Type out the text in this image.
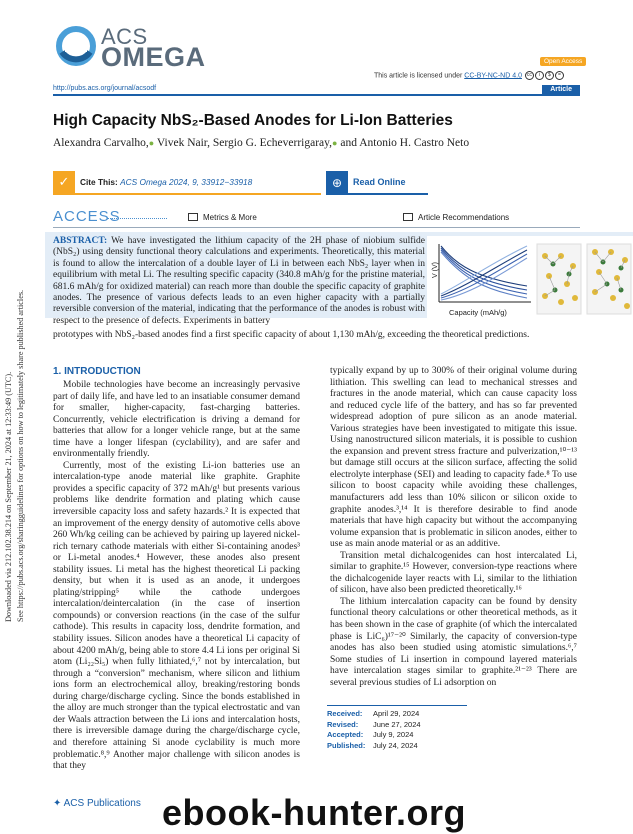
Downloaded via 212.102.38.214 on September 21, 2024 at 12:33:49 (UTC). See https://pubs.acs.org/sharingguidelines for options on how to legitimately share published articles.
ACS
OMEGA	Open Access
This article is licensed under CC-BY-NC-ND 4.0 cc i $ =
http://pubs.acs.org/journal/acsodf	Article
High Capacity NbS₂-Based Anodes for Li-Ion Batteries
Alexandra Carvalho,● Vivek Nair, Sergio G. Echeverrigaray,● and Antonio H. Castro Neto
✓	Cite This: ACS Omega 2024, 9, 33912−33918	⊕	Read Online
ACCESS	Metrics & More	Article Recommendations
ABSTRACT: We have investigated the lithium capacity of the 2H phase of niobium sulfide (NbS₂) using density functional theory calculations and experiments. Theoretically, this material is found to allow the intercalation of a double layer of Li in between each NbS₂ layer when in equilibrium with metal Li. The resulting specific capacity (340.8 mAh/g for the pristine material, 681.6 mAh/g for oxidized material) can reach more than double the specific capacity of graphite anodes. The presence of various defects leads to an even higher capacity with a partially reversible conversion of the material, indicating that the performance of the anodes is robust with respect to the presence of defects. Experiments in battery
prototypes with NbS₂-based anodes find a first specific capacity of about 1,130 mAh/g, exceeding the theoretical predictions.
V (V)
Capacity (mAh/g)
1. INTRODUCTION

Mobile technologies have become an increasingly pervasive part of daily life, and have led to an insatiable consumer demand for smaller, higher-capacity, fast-charging batteries. Concurrently, vehicle electrification is driving a demand for batteries that allow for a longer vehicle range, but at the same time have a longer lifespan (cyclability), and are safer and environmentally friendly.

Currently, most of the existing Li-ion batteries use an intercalation-type anode material like graphite. Graphite provides a specific capacity of 372 mAh/g¹ but presents various problems like dendrite formation and plating which cause irreversible capacity loss and safety hazards.² It is expected that an improvement of the energy density of automotive cells above 260 Wh/kg ceiling can be achieved by pairing up layered nickel-rich ternary cathode materials with either Si-containing anodes³ or Li-metal anodes.⁴ However, these anodes also present stability issues. Li metal has the highest theoretical Li packing density, but when it is used as an anode, it undergoes plating/stripping⁵ while the cathode undergoes intercalation/deintercalation (in the case of insertion compounds) or conversion reactions (in the case of the sulfur cathode). This results in capacity loss, dendrite formation, and stability issues. Silicon anodes have a theoretical Li capacity of about 4200 mAh/g, being able to store 4.4 Li ions per original Si atom (Li₂₂Si₅) when fully lithiated,⁶,⁷ not by intercalation, but through a “conversion” mechanism, where silicon and lithium ions form an electrochemical alloy, breaking/restoring bonds during charge/discharge cycling. Since the bonds established in the alloy are much stronger than the typical electrostatic and van der Waals attraction between the Li ions and intercalation hosts, there is irreversible damage during the charge/discharge cycle, and therefore attaining Si anode cyclability is much more problematic.⁸,⁹ Another major challenge with silicon anodes is that they

typically expand by up to 300% of their original volume during lithiation. This swelling can lead to mechanical stresses and fractures in the anode material, which can cause capacity loss and reduced cycle life of the battery, and has so far prevented widespread adoption of pure silicon as an anode material. Various strategies have been investigated to mitigate this issue. Using nanostructured silicon materials, it is possible to cushion the expansion and prevent stress fracture and pulverization,¹⁰⁻¹³ but damage still occurs at the silicon surface, affecting the solid electrolyte interphase (SEI) and leading to capacity fade.⁸ To use silicon to boost capacity while avoiding these challenges, manufacturers add less than 10% silicon or silicon oxide to graphite anodes.³,¹⁴ It is therefore desirable to find anode materials that have high capacity but without the accompanying volume expansion that is problematic in silicon anodes, either to use as main anode material or as an additive.

Transition metal dichalcogenides can host intercalated Li, similar to graphite.¹⁵ However, conversion-type reactions where the dichalcogenide layer reacts with Li, similar to the lithiation of silicon, have also been predicted theoretically.¹⁶

The lithium intercalation capacity can be found by density functional theory calculations or other theoretical methods, as it has been shown in the case of graphite (of which the intercalated phase is LiC₆)¹⁷⁻²⁰ Similarly, the capacity of conversion-type anodes has also been studied using atomistic simulations.⁶,⁷ Some studies of Li insertion in compound layered materials have intercalation stages similar to graphite.²¹⁻²³ There are several previous studies of Li adsorption on

Received: April 29, 2024
Revised: June 27, 2024
Accepted: July 9, 2024
Published: July 24, 2024
✦ ACS Publications ebook-hunter.org
